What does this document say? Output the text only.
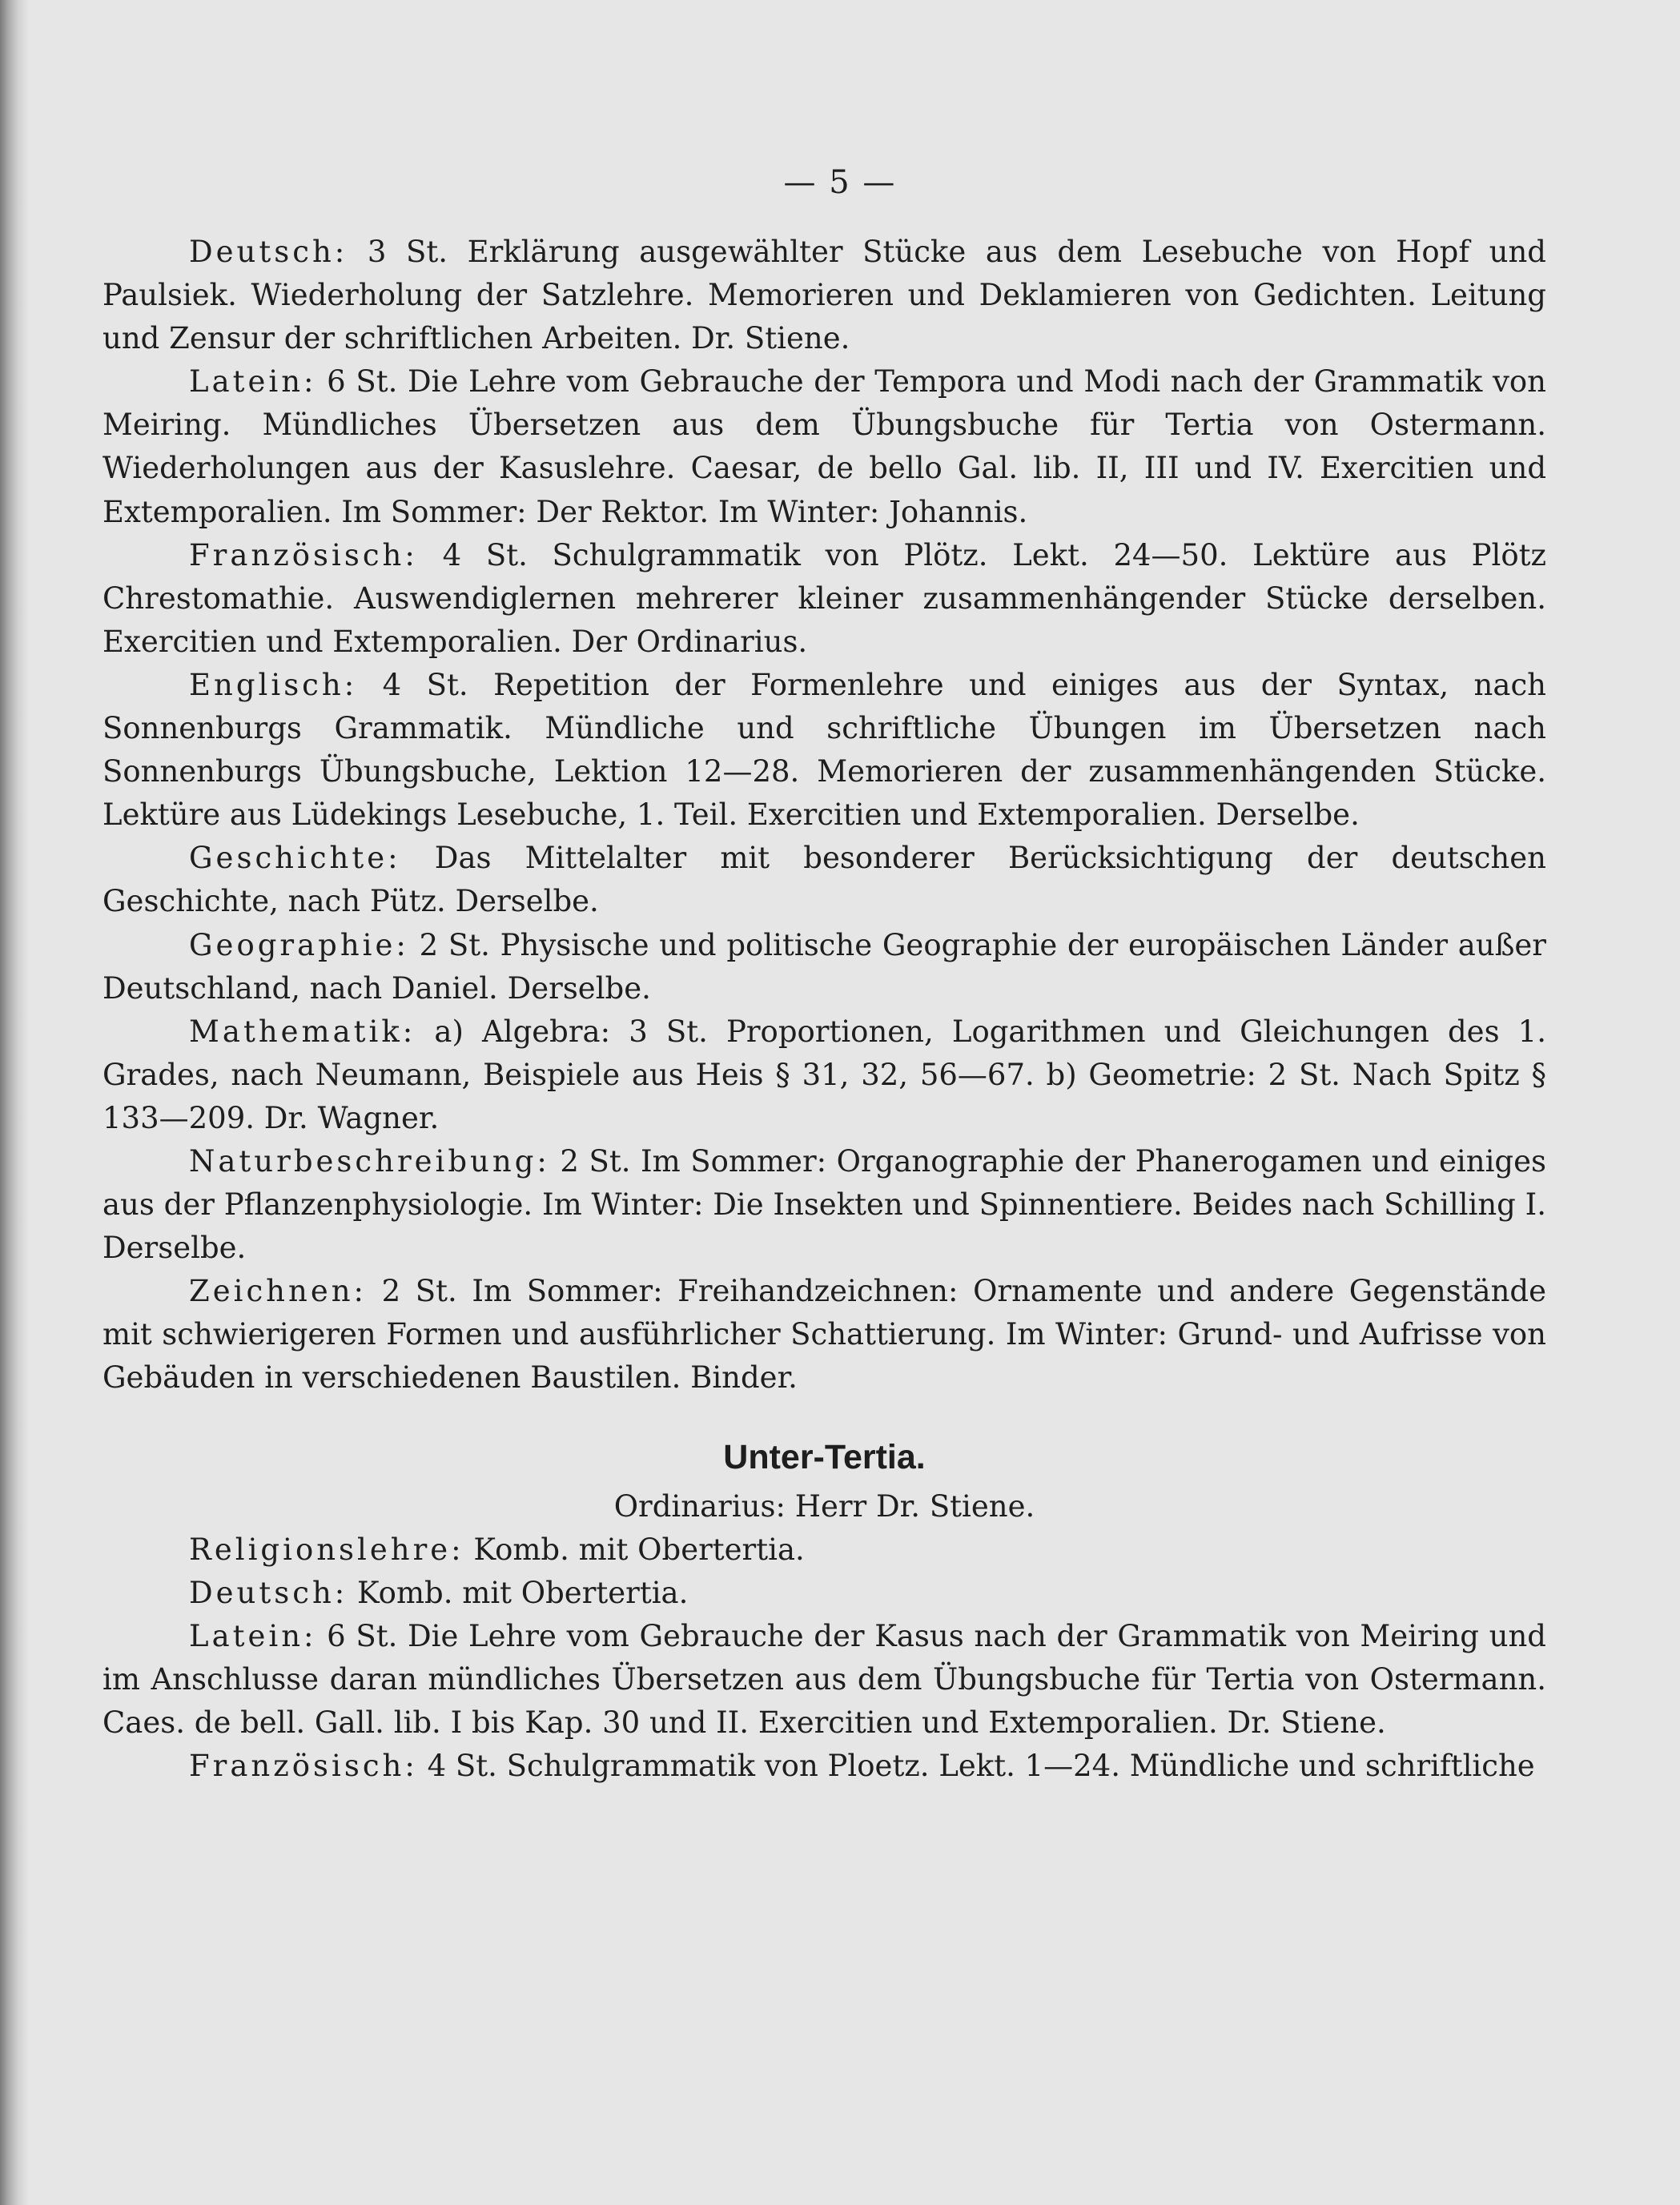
— 5 —

Deutsch: 3 St. Erklärung ausgewählter Stücke aus dem Lesebuche von Hopf und Paulsiek. Wiederholung der Satzlehre. Memorieren und Deklamieren von Gedichten. Leitung und Zensur der schriftlichen Arbeiten. Dr. Stiene.

Latein: 6 St. Die Lehre vom Gebrauche der Tempora und Modi nach der Grammatik von Meiring. Mündliches Übersetzen aus dem Übungsbuche für Tertia von Ostermann. Wiederholungen aus der Kasuslehre. Caesar, de bello Gal. lib. II, III und IV. Exercitien und Extemporalien. Im Sommer: Der Rektor. Im Winter: Johannis.

Französisch: 4 St. Schulgrammatik von Plötz. Lekt. 24—50. Lektüre aus Plötz Chrestomathie. Auswendiglernen mehrerer kleiner zusammenhängender Stücke derselben. Exercitien und Extemporalien. Der Ordinarius.

Englisch: 4 St. Repetition der Formenlehre und einiges aus der Syntax, nach Sonnenburgs Grammatik. Mündliche und schriftliche Übungen im Übersetzen nach Sonnenburgs Übungsbuche, Lektion 12—28. Memorieren der zusammenhängenden Stücke. Lektüre aus Lüdekings Lesebuche, 1. Teil. Exercitien und Extemporalien. Derselbe.

Geschichte: Das Mittelalter mit besonderer Berücksichtigung der deutschen Geschichte, nach Pütz. Derselbe.

Geographie: 2 St. Physische und politische Geographie der europäischen Länder außer Deutschland, nach Daniel. Derselbe.

Mathematik: a) Algebra: 3 St. Proportionen, Logarithmen und Gleichungen des 1. Grades, nach Neumann, Beispiele aus Heis § 31, 32, 56—67. b) Geometrie: 2 St. Nach Spitz § 133—209. Dr. Wagner.

Naturbeschreibung: 2 St. Im Sommer: Organographie der Phanerogamen und einiges aus der Pflanzenphysiologie. Im Winter: Die Insekten und Spinnentiere. Beides nach Schilling I. Derselbe.

Zeichnen: 2 St. Im Sommer: Freihandzeichnen: Ornamente und andere Gegenstände mit schwierigeren Formen und ausführlicher Schattierung. Im Winter: Grund- und Aufrisse von Gebäuden in verschiedenen Baustilen. Binder.

Unter-Tertia.

Ordinarius: Herr Dr. Stiene.

Religionslehre: Komb. mit Obertertia.

Deutsch: Komb. mit Obertertia.

Latein: 6 St. Die Lehre vom Gebrauche der Kasus nach der Grammatik von Meiring und im Anschlusse daran mündliches Übersetzen aus dem Übungsbuche für Tertia von Ostermann. Caes. de bell. Gall. lib. I bis Kap. 30 und II. Exercitien und Extemporalien. Dr. Stiene.

Französisch: 4 St. Schulgrammatik von Ploetz. Lekt. 1—24. Mündliche und schriftliche
